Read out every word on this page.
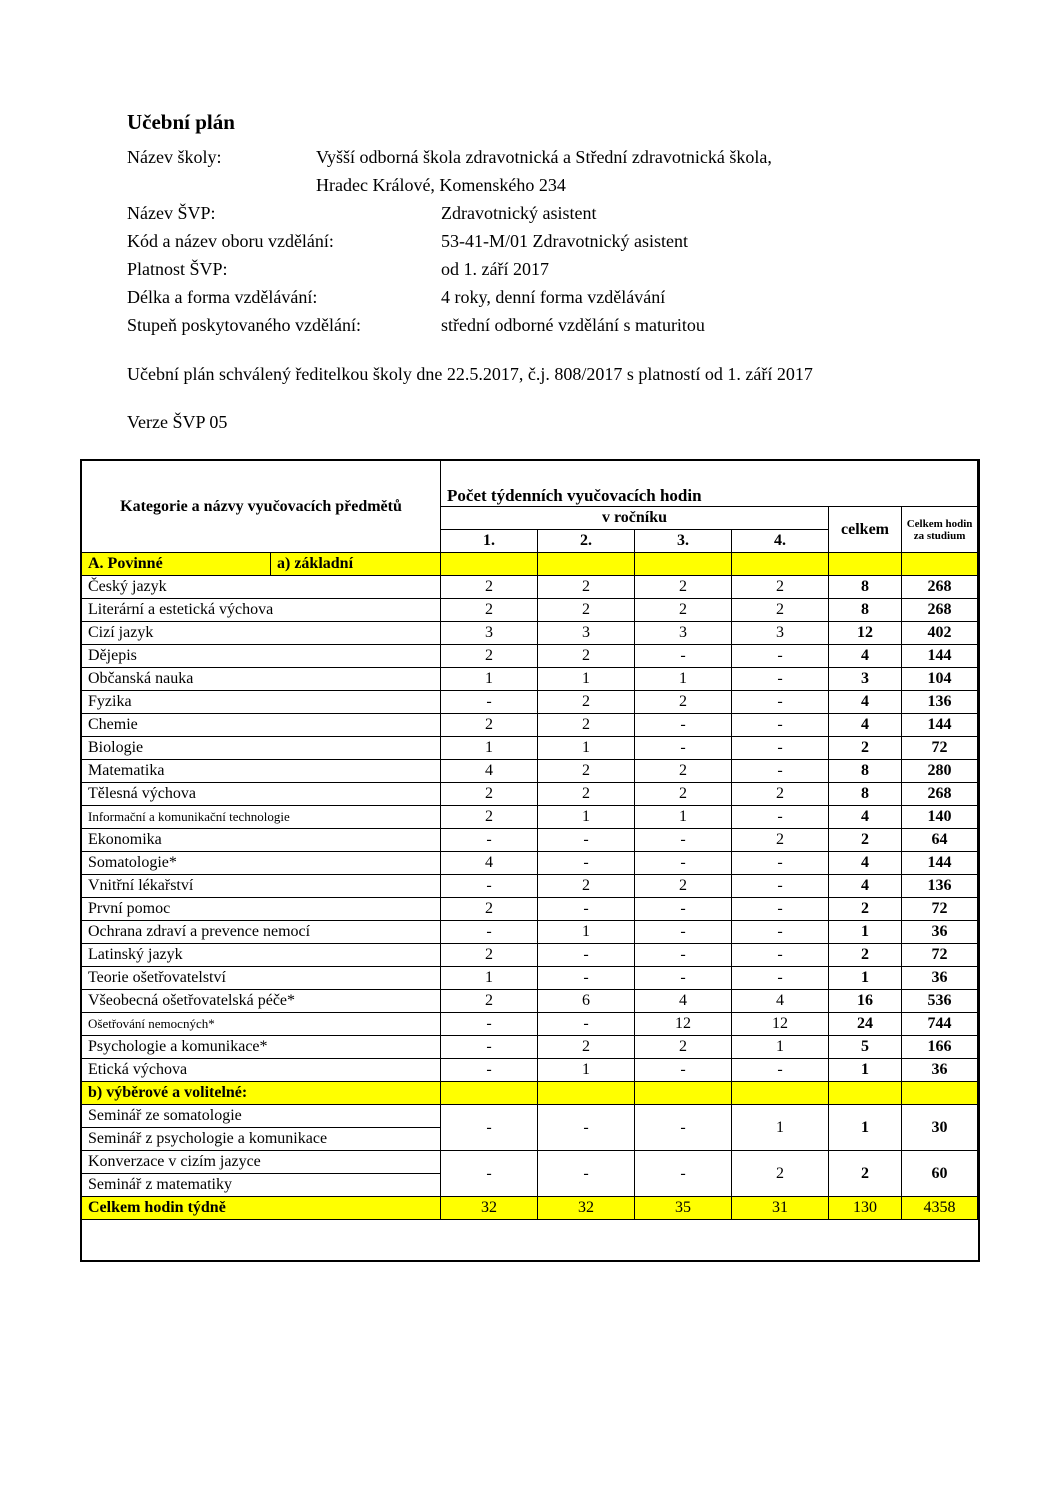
Učební plán
Název školy:	Vyšší odborná škola zdravotnická a Střední zdravotnická škola,
Hradec Králové, Komenského 234
Název ŠVP:	Zdravotnický asistent
Kód a název oboru vzdělání:	53-41-M/01 Zdravotnický asistent
Platnost ŠVP:	od 1. září 2017
Délka a forma vzdělávání:	4 roky, denní forma vzdělávání
Stupeň poskytovaného vzdělání:	střední odborné vzdělání s maturitou
Učební plán schválený ředitelkou školy dne 22.5.2017, č.j. 808/2017 s platností od 1. září 2017
Verze ŠVP 05
Kategorie a názvy vyučovacích předmětů		Počet týdenních vyučovacích hodin					
		v ročníku				celkem	Celkem hodin za studium
		1.	2.	3.	4.		
A. Povinné	a) základní						
Český jazyk		2	2	2	2	8	268
Literární a estetická výchova		2	2	2	2	8	268
Cizí jazyk		3	3	3	3	12	402
Dějepis		2	2	-	-	4	144
Občanská nauka		1	1	1	-	3	104
Fyzika		-	2	2	-	4	136
Chemie		2	2	-	-	4	144
Biologie		1	1	-	-	2	72
Matematika		4	2	2	-	8	280
Tělesná výchova		2	2	2	2	8	268
Informační a komunikační technologie		2	1	1	-	4	140
Ekonomika		-	-	-	2	2	64
Somatologie*		4	-	-	-	4	144
Vnitřní lékařství		-	2	2	-	4	136
První pomoc		2	-	-	-	2	72
Ochrana zdraví a prevence nemocí		-	1	-	-	1	36
Latinský jazyk		2	-	-	-	2	72
Teorie ošetřovatelství		1	-	-	-	1	36
Všeobecná ošetřovatelská péče*		2	6	4	4	16	536
Ošetřování nemocných*		-	-	12	12	24	744
Psychologie a komunikace*		-	2	2	1	5	166
Etická výchova		-	1	-	-	1	36
b) výběrové a volitelné:							
Seminář ze somatologie		-	-	-	1	1	30
Seminář z psychologie a komunikace							
Konverzace v cizím jazyce		-	-	-	2	2	60
Seminář z matematiky							
Celkem hodin týdně		32	32	35	31	130	4358
